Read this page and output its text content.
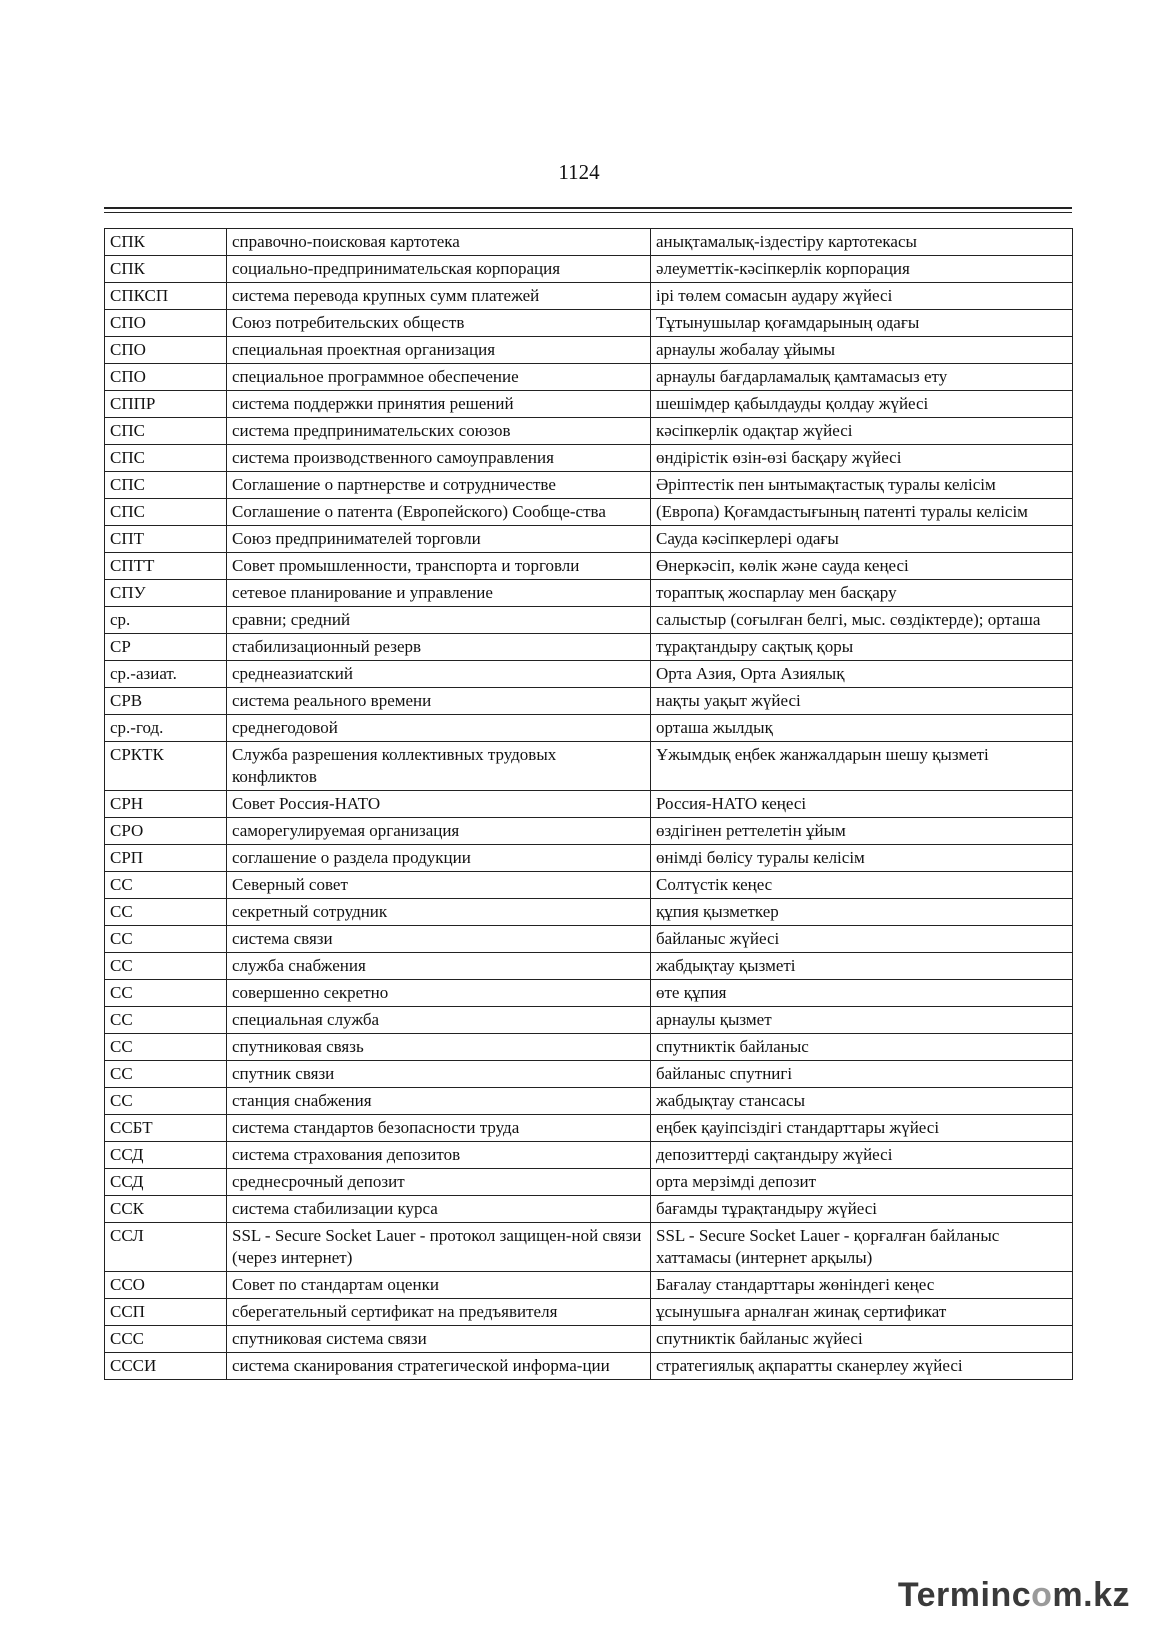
1124
СПК	справочно-поисковая картотека	анықтамалық-іздестіру картотекасы
СПК	социально-предпринимательская корпорация	әлеуметтік-кәсіпкерлік корпорация
СПКСП	система перевода крупных сумм платежей	ірі төлем сомасын аудару жүйесі
СПО	Союз потребительских обществ	Тұтынушылар қоғамдарының одағы
СПО	специальная проектная организация	арнаулы жобалау ұйымы
СПО	специальное программное обеспечение	арнаулы бағдарламалық қамтамасыз ету
СППР	система поддержки принятия решений	шешімдер қабылдауды қолдау жүйесі
СПС	система предпринимательских союзов	кәсіпкерлік одақтар жүйесі
СПС	система производственного самоуправления	өндірістік өзін-өзі басқару жүйесі
СПС	Соглашение о партнерстве и сотрудничестве	Әріптестік пен ынтымақтастық туралы келісім
СПС	Соглашение о патента (Европейского) Сообще-ства	(Европа) Қоғамдастығының патенті туралы келісім
СПТ	Союз предпринимателей торговли	Сауда кәсіпкерлері одағы
СПТТ	Совет промышленности, транспорта и торговли	Өнеркәсіп, көлік және сауда кеңесі
СПУ	сетевое планирование и управление	тораптық жоспарлау мен басқару
ср.	сравни; средний	салыстыр (соғылған белгі, мыс. сөздіктерде); орташа
СР	стабилизационный резерв	тұрақтандыру сақтық қоры
ср.-азиат.	среднеазиатский	Орта Азия, Орта Азиялық
СРВ	система реального времени	нақты уақыт жүйесі
ср.-год.	среднегодовой	орташа жылдық
СРКТК	Служба разрешения коллективных трудовых конфликтов	Ұжымдық еңбек жанжалдарын шешу қызметі
СРН	Совет Россия-НАТО	Россия-НАТО кеңесі
СРО	саморегулируемая организация	өздігінен реттелетін ұйым
СРП	соглашение о раздела продукции	өнімді бөлісу туралы келісім
СС	Северный совет	Солтүстік кеңес
СС	секретный сотрудник	құпия қызметкер
СС	система связи	байланыс жүйесі
СС	служба снабжения	жабдықтау қызметі
СС	совершенно секретно	өте құпия
СС	специальная служба	арнаулы қызмет
СС	спутниковая связь	спутниктік байланыс
СС	спутник связи	байланыс спутнигі
СС	станция снабжения	жабдықтау стансасы
ССБТ	система стандартов безопасности труда	еңбек қауіпсіздігі стандарттары жүйесі
ССД	система страхования депозитов	депозиттерді сақтандыру жүйесі
ССД	среднесрочный депозит	орта мерзімді депозит
ССК	система стабилизации курса	бағамды тұрақтандыру жүйесі
ССЛ	SSL - Secure Socket Lauer - протокол защищен-ной связи (через интернет)	SSL - Secure Socket Lauer - қорғалған байланыс хаттамасы (интернет арқылы)
ССО	Совет по стандартам оценки	Бағалау стандарттары жөніндегі кеңес
ССП	сберегательный сертификат на предъявителя	ұсынушыға арналған жинақ сертификат
ССС	спутниковая система связи	спутниктік байланыс жүйесі
СССИ	система сканирования стратегической информа-ции	стратегиялық ақпаратты сканерлеу жүйесі
Termincom.kz
